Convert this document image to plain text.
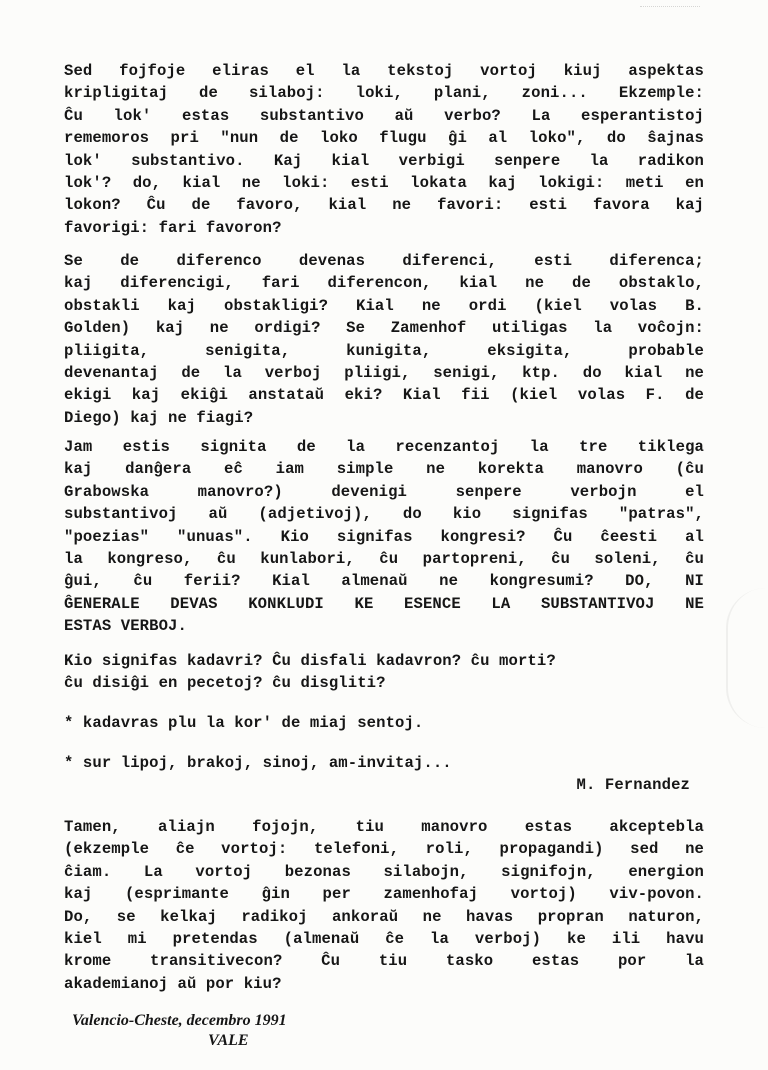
Sed fojfoje eliras el la tekstoj vortoj kiuj aspektas
kripligitaj de silaboj: loki, plani, zoni... Ekzemple:
Ĉu lok' estas substantivo aŭ verbo? La esperantistoj
rememoros pri "nun de loko flugu ĝi al loko", do ŝajnas
lok' substantivo. Kaj kial verbigi senpere la radikon
lok'? do, kial ne loki: esti lokata kaj lokigi: meti en
lokon? Ĉu de favoro, kial ne favori: esti favora kaj
favorigi: fari favoron?
Se de diferenco devenas diferenci, esti diferenca;
kaj diferencigi, fari diferencon, kial ne de obstaklo,
obstakli kaj obstakligi? Kial ne ordi (kiel volas B.
Golden) kaj ne ordigi? Se Zamenhof utiligas la voĉojn:
pliigita, senigita, kunigita, eksigita, probable
devenantaj de la verboj pliigi, senigi, ktp. do kial ne
ekigi kaj ekiĝi anstataŭ eki? Kial fii (kiel volas F. de
Diego) kaj ne fiagi?
Jam estis signita de la recenzantoj la tre tiklega
kaj danĝera eĉ iam simple ne korekta manovro (ĉu
Grabowska manovro?) devenigi senpere verbojn el
substantivoj aŭ (adjetivoj), do kio signifas "patras",
"poezias" "unuas". Kio signifas kongresi? Ĉu ĉeesti al
la kongreso, ĉu kunlabori, ĉu partopreni, ĉu soleni, ĉu
ĝui, ĉu ferii? Kial almenaŭ ne kongresumi? DO, NI
ĜENERALE DEVAS KONKLUDI KE ESENCE LA SUBSTANTIVOJ NE
ESTAS VERBOJ.
Kio signifas kadavri? Ĉu disfali kadavron? ĉu morti?
ĉu disiĝi en pecetoj? ĉu disgliti?
* kadavras plu la kor' de miaj sentoj.
* sur lipoj, brakoj, sinoj, am-invitaj...
M. Fernandez
Tamen, aliajn fojojn, tiu manovro estas akceptebla
(ekzemple ĉe vortoj: telefoni, roli, propagandi) sed ne
ĉiam. La vortoj bezonas silabojn, signifojn, energion
kaj (esprimante ĝin per zamenhofaj vortoj) viv-povon.
Do, se kelkaj radikoj ankoraŭ ne havas propran naturon,
kiel mi pretendas (almenaŭ ĉe la verboj) ke ili havu
krome transitivecon? Ĉu tiu tasko estas por la
akademianoj aŭ por kiu?
Valencio-Cheste, decembro 1991
VALE
